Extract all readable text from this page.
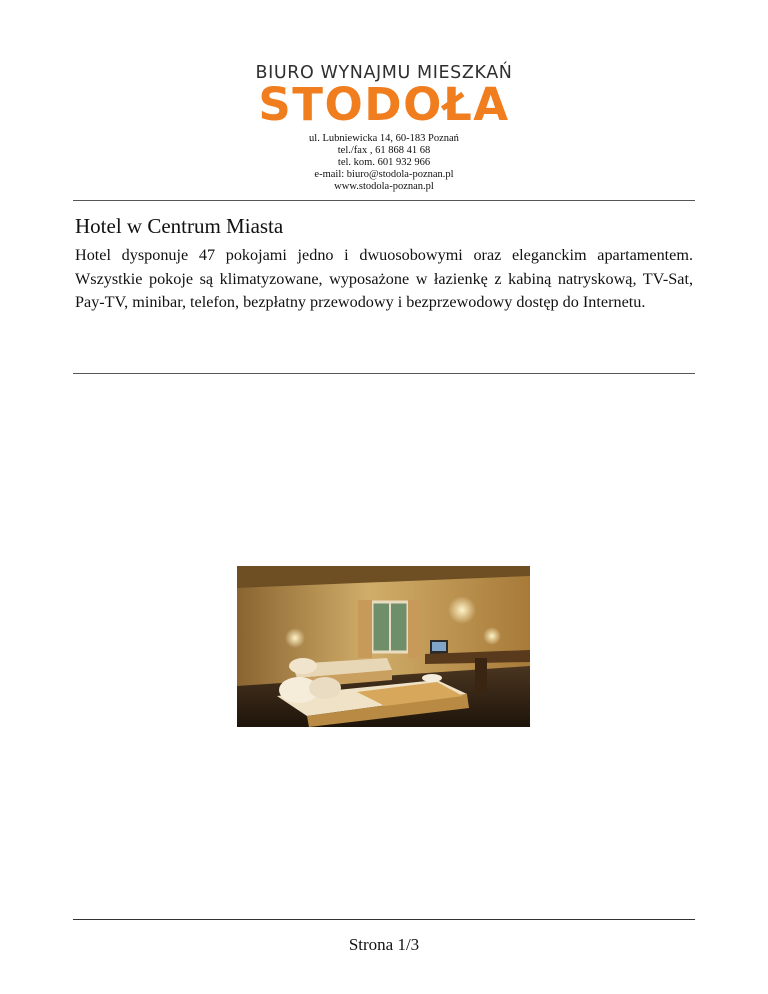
BIURO WYNAJMU MIESZKAŃ
STODOŁA
ul. Lubniewicka 14, 60-183 Poznań
tel./fax , 61 868 41 68
tel. kom. 601 932 966
e-mail: biuro@stodola-poznan.pl
www.stodola-poznan.pl
Hotel w Centrum Miasta

Hotel dysponuje 47 pokojami jedno i dwuosobowymi oraz eleganckim apartamentem. Wszystkie pokoje są klimatyzowane, wyposażone w łazienkę z kabiną natryskową, TV-Sat, Pay-TV, minibar, telefon, bezpłatny przewodowy i bezprzewodowy dostęp do Internetu.

Strona 1/3
